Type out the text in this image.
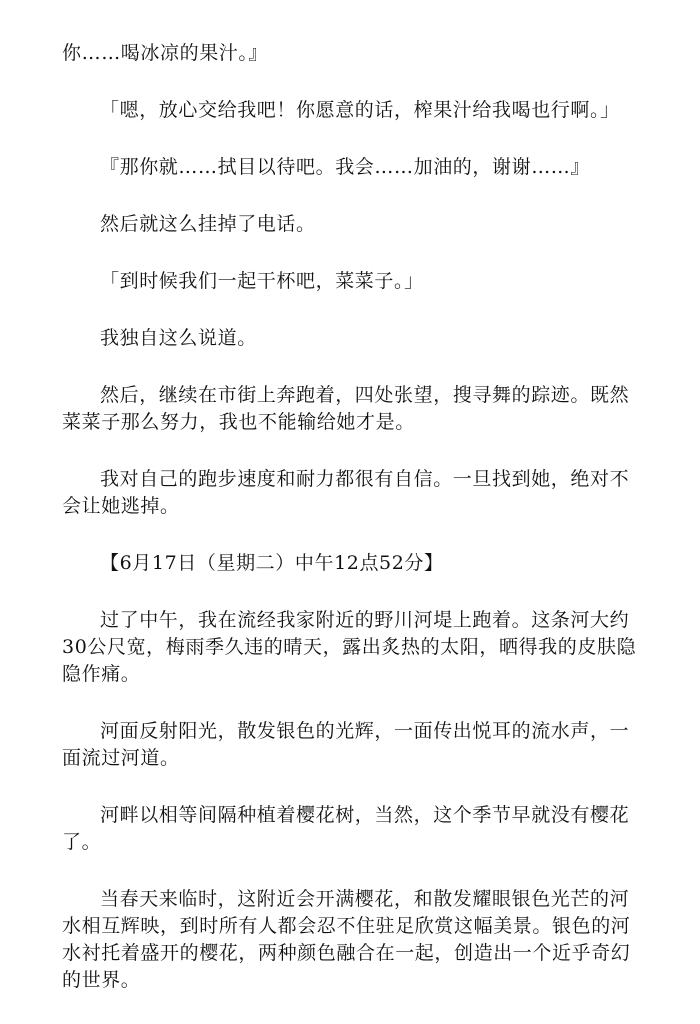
你……喝冰凉的果汁。』

「嗯，放心交给我吧！你愿意的话，榨果汁给我喝也行啊。」

『那你就……拭目以待吧。我会……加油的，谢谢……』

然后就这么挂掉了电话。

「到时候我们一起干杯吧，菜菜子。」

我独自这么说道。

然后，继续在市街上奔跑着，四处张望，搜寻舞的踪迹。既然菜菜子那么努力，我也不能输给她才是。

我对自己的跑步速度和耐力都很有自信。一旦找到她，绝对不会让她逃掉。

【6月17日（星期二）中午12点52分】

过了中午，我在流经我家附近的野川河堤上跑着。这条河大约30公尺宽，梅雨季久违的晴天，露出炙热的太阳，晒得我的皮肤隐隐作痛。

河面反射阳光，散发银色的光辉，一面传出悦耳的流水声，一面流过河道。

河畔以相等间隔种植着樱花树，当然，这个季节早就没有樱花了。

当春天来临时，这附近会开满樱花，和散发耀眼银色光芒的河水相互辉映，到时所有人都会忍不住驻足欣赏这幅美景。银色的河水衬托着盛开的樱花，两种颜色融合在一起，创造出一个近乎奇幻的世界。
